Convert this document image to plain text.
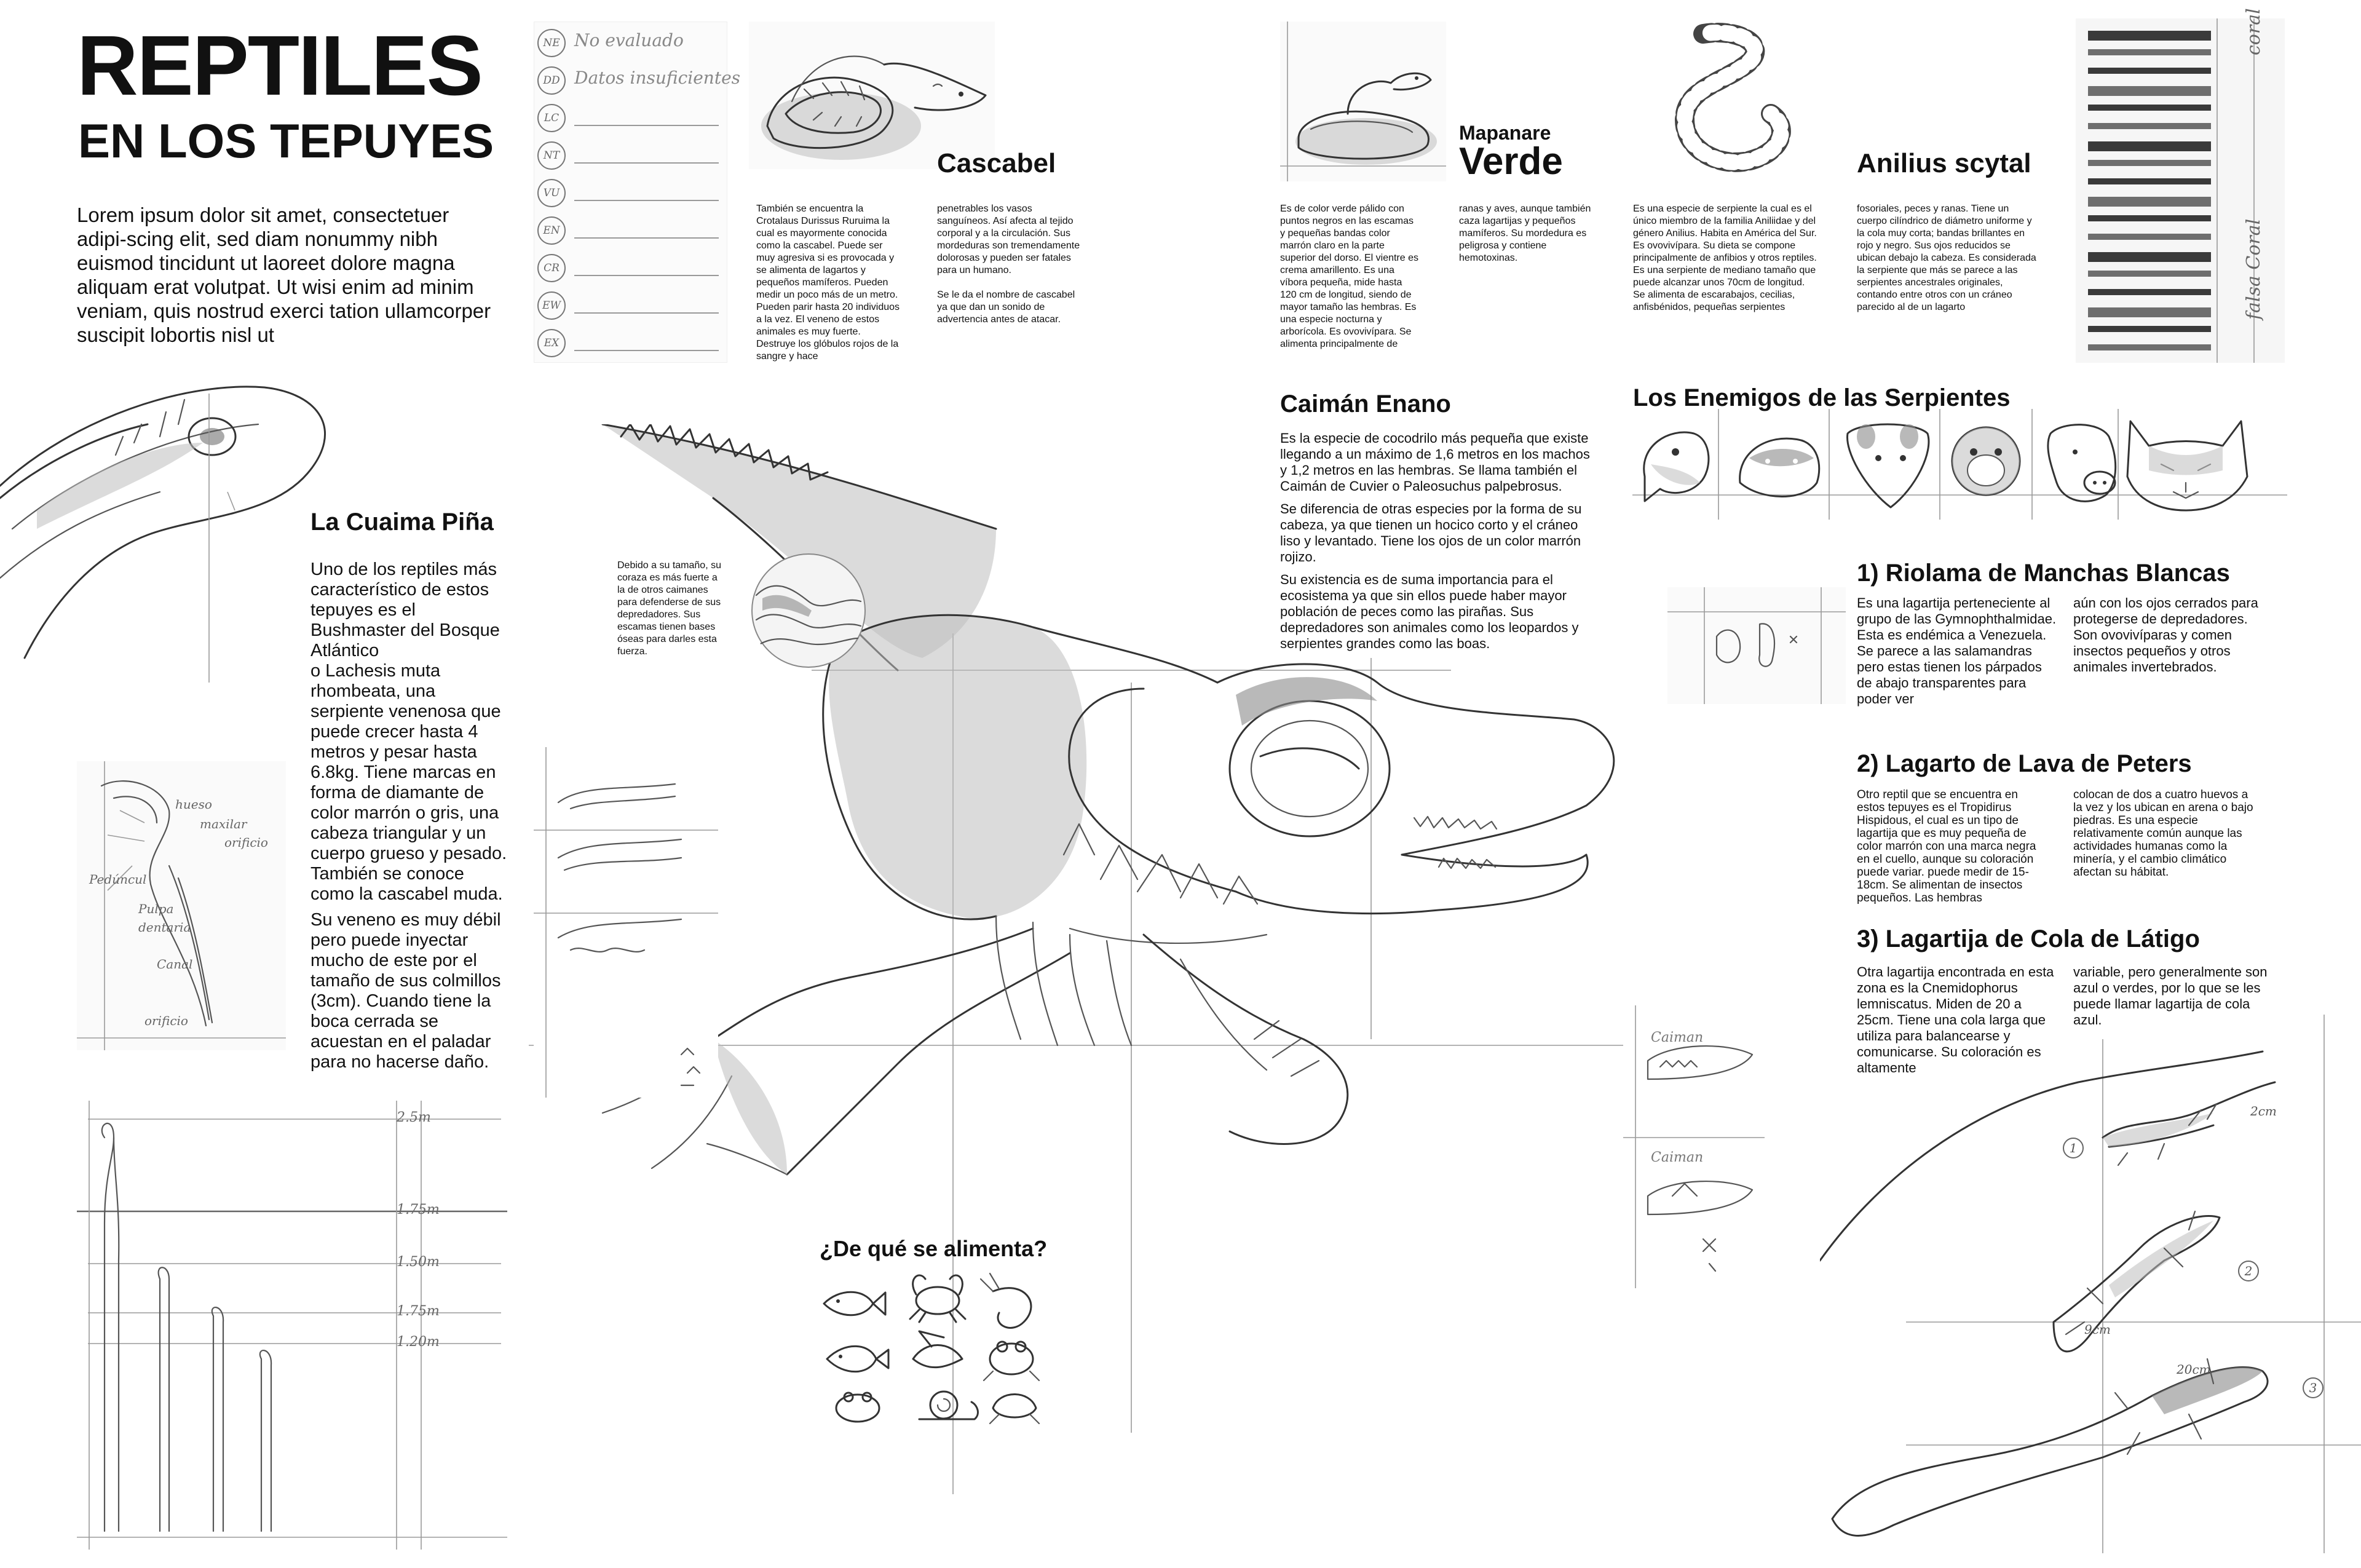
REPTILES
EN LOS TEPUYES
Lorem ipsum dolor sit amet, consectetuer adipi-scing elit, sed diam nonummy nibh euismod tincidunt ut laoreet dolore magna aliquam erat volutpat. Ut wisi enim ad minim veniam, quis nostrud exerci tation ullamcorper suscipit lobortis nisl ut
NE No evaluado
DD Datos insuficientes
LC
NT
VU
EN
CR
EW
EX
Cascabel
También se encuentra la Crotalaus Durissus Ruruima la cual es mayormente conocida como la cascabel. Puede ser muy agresiva si es provocada y se alimenta de lagartos y pequeños mamíferos. Pueden medir un poco más de un metro. Pueden parir hasta 20 individuos a la vez. El veneno de estos animales es muy fuerte. Destruye los glóbulos rojos de la sangre y hace
penetrables los vasos sanguíneos. Así afecta al tejido corporal y a la circulación. Sus mordeduras son tremendamente dolorosas y pueden ser fatales para un humano.

Se le da el nombre de cascabel ya que dan un sonido de advertencia antes de atacar.
Mapanare
Verde
Es de color verde pálido con puntos negros en las escamas y pequeñas bandas color marrón claro en la parte superior del dorso. El vientre es crema amarillento. Es una víbora pequeña, mide hasta 120 cm de longitud, siendo de mayor tamaño las hembras. Es una especie nocturna y arborícola. Es ovovivípara. Se alimenta principalmente de
ranas y aves, aunque también caza lagartijas y pequeños mamíferos. Su mordedura es peligrosa y contiene hemotoxinas.
Anilius scytal
Es una especie de serpiente la cual es el único miembro de la familia Aniliidae y del género Anilius. Habita en América del Sur. Es ovovivípara. Su dieta se compone principalmente de anfibios y otros reptiles.
Es una serpiente de mediano tamaño que puede alcanzar unos 70cm de longitud.
Se alimenta de escarabajos, cecilias, anfisbénidos, pequeñas serpientes
fosoriales, peces y ranas. Tiene un cuerpo cilíndrico de diámetro uniforme y la cola muy corta; bandas brillantes en rojo y negro. Sus ojos reducidos se ubican debajo la cabeza. Es considerada la serpiente que más se parece a las serpientes ancestrales originales, contando entre otros con un cráneo parecido al de un lagarto
coral
falsa Coral
La Cuaima Piña
Uno de los reptiles más característico de estos tepuyes es el Bushmaster del Bosque Atlántico
o Lachesis muta rhombeata, una serpiente venenosa que puede crecer hasta 4 metros y pesar hasta 6.8kg. Tiene marcas en forma de diamante de color marrón o gris, una cabeza triangular y un cuerpo grueso y pesado. También se conoce como la cascabel muda.
Su veneno es muy débil pero puede inyectar mucho de este por el tamaño de sus colmillos (3cm). Cuando tiene la boca cerrada se acuestan en el paladar para no hacerse daño.
hueso
maxilar
orificio
Pedúncul
Pulpa
dentaria
Canal
orificio
2.5m
1.75m
1.50m
1.75m
1.20m
Debido a su tamaño, su coraza es más fuerte a la de otros caimanes para defenderse de sus depredadores. Sus escamas tienen bases óseas para darles esta fuerza.
¿De qué se alimenta?
Caiman
Caiman
Caimán Enano
Es la especie de cocodrilo más pequeña que existe llegando a un máximo de 1,6 metros en los machos y 1,2 metros en las hembras. Se llama también el Caimán de Cuvier o Paleosuchus palpebrosus.
Se diferencia de otras especies por la forma de su cabeza, ya que tienen un hocico corto y el cráneo liso y levantado. Tiene los ojos de un color marrón rojizo.
Su existencia es de suma importancia para el ecosistema ya que sin ellos puede haber mayor población de peces como las pirañas. Sus depredadores son animales como los leopardos y serpientes grandes como las boas.
Los Enemigos de las Serpientes
1) Riolama de Manchas Blancas
Es una lagartija perteneciente al grupo de las Gymnophthalmidae. Esta es endémica a Venezuela.
Se parece a las salamandras pero estas tienen los párpados de abajo transparentes para poder ver
aún con los ojos cerrados para protegerse de depredadores.
Son ovovivíparas y comen insectos pequeños y otros animales invertebrados.
2) Lagarto de Lava de Peters
Otro reptil que se encuentra en estos tepuyes es el Tropidirus Hispidous, el cual es un tipo de lagartija que es muy pequeña de color marrón con una marca negra en el cuello, aunque su coloración puede variar. puede medir de 15-18cm. Se alimentan de insectos pequeños. Las hembras
colocan de dos a cuatro huevos a la vez y los ubican en arena o bajo piedras. Es una especie relativamente común aunque las actividades humanas como la minería, y el cambio climático afectan su hábitat.
3) Lagartija de Cola de Látigo
Otra lagartija encontrada en esta zona es la Cnemidophorus lemniscatus. Miden de 20 a 25cm. Tiene una cola larga que utiliza para balancearse y comunicarse. Su coloración es altamente
variable, pero generalmente son azul o verdes, por lo que se les puede llamar lagartija de cola azul.
2cm
9cm
20cm
1
2
3
